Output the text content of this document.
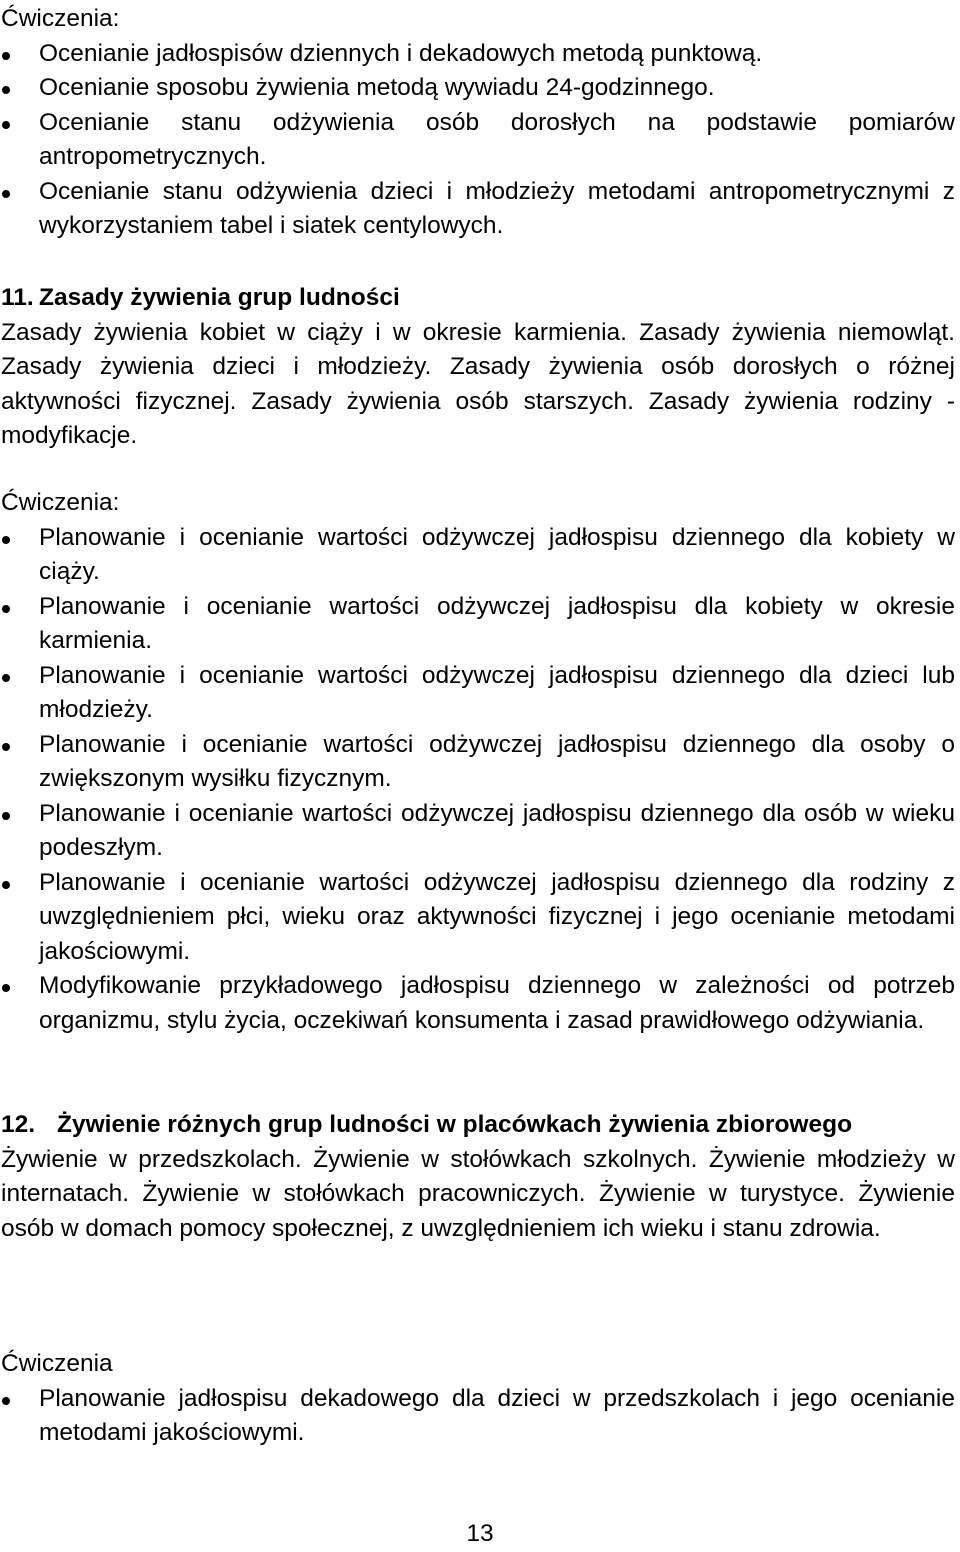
Ćwiczenia:

Ocenianie jadłospisów dziennych i dekadowych metodą punktową.
Ocenianie sposobu żywienia metodą wywiadu 24-godzinnego.
Ocenianie stanu odżywienia osób dorosłych na podstawie pomiarów antropometrycznych.
Ocenianie stanu odżywienia dzieci i młodzieży metodami antropometrycznymi z wykorzystaniem tabel i siatek centylowych.
11. Zasady żywienia grup ludności

Zasady żywienia kobiet w ciąży i w okresie karmienia. Zasady żywienia niemowląt. Zasady żywienia dzieci i młodzieży. Zasady żywienia osób dorosłych o różnej aktywności fizycznej. Zasady żywienia osób starszych. Zasady żywienia rodziny - modyfikacje.

Ćwiczenia:

Planowanie i ocenianie wartości odżywczej jadłospisu dziennego dla kobiety w ciąży.
Planowanie i ocenianie wartości odżywczej jadłospisu dla kobiety w okresie karmienia.
Planowanie i ocenianie wartości odżywczej jadłospisu dziennego dla dzieci lub młodzieży.
Planowanie i ocenianie wartości odżywczej jadłospisu dziennego dla osoby o zwiększonym wysiłku fizycznym.
Planowanie i ocenianie wartości odżywczej jadłospisu dziennego dla osób w wieku podeszłym.
Planowanie i ocenianie wartości odżywczej jadłospisu dziennego dla rodziny z uwzględnieniem płci, wieku oraz aktywności fizycznej i jego ocenianie metodami jakościowymi.
Modyfikowanie przykładowego jadłospisu dziennego w zależności od potrzeb organizmu, stylu życia, oczekiwań konsumenta i zasad prawidłowego odżywiania.
12. Żywienie różnych grup ludności w placówkach żywienia zbiorowego

Żywienie w przedszkolach. Żywienie w stołówkach szkolnych. Żywienie młodzieży w internatach. Żywienie w stołówkach pracowniczych. Żywienie w turystyce. Żywienie osób w domach pomocy społecznej, z uwzględnieniem ich wieku i stanu zdrowia.

Ćwiczenia

Planowanie jadłospisu dekadowego dla dzieci w przedszkolach i jego ocenianie metodami jakościowymi.
13
